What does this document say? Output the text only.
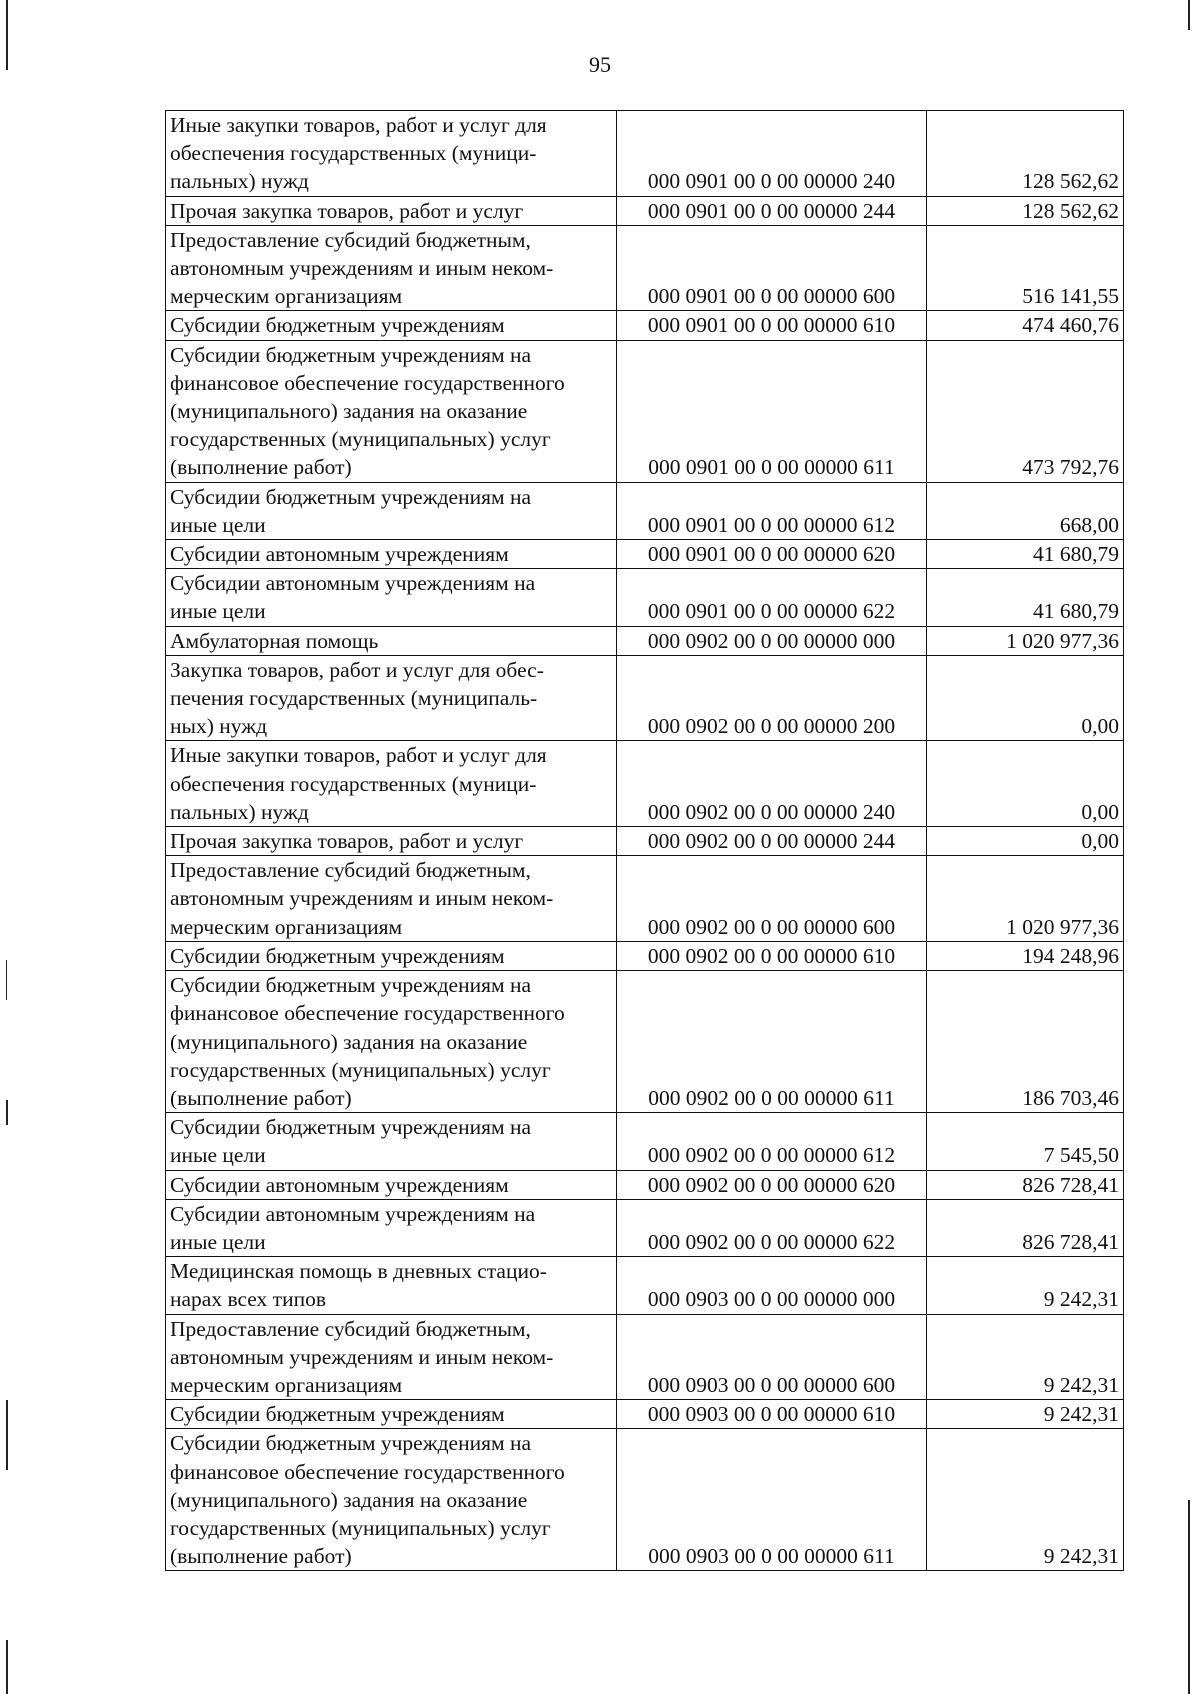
95
Иные закупки товаров, работ и услуг для
обеспечения государственных (муници-
пальных) нужд	000 0901 00 0 00 00000 240	128 562,62
Прочая закупка товаров, работ и услуг	000 0901 00 0 00 00000 244	128 562,62
Предоставление субсидий бюджетным,
автономным учреждениям и иным неком-
мерческим организациям	000 0901 00 0 00 00000 600	516 141,55
Субсидии бюджетным учреждениям	000 0901 00 0 00 00000 610	474 460,76
Субсидии бюджетным учреждениям на
финансовое обеспечение государственного
(муниципального) задания на оказание
государственных (муниципальных) услуг
(выполнение работ)	000 0901 00 0 00 00000 611	473 792,76
Субсидии бюджетным учреждениям на
иные цели	000 0901 00 0 00 00000 612	668,00
Субсидии автономным учреждениям	000 0901 00 0 00 00000 620	41 680,79
Субсидии автономным учреждениям на
иные цели	000 0901 00 0 00 00000 622	41 680,79
Амбулаторная помощь	000 0902 00 0 00 00000 000	1 020 977,36
Закупка товаров, работ и услуг для обес-
печения государственных (муниципаль-
ных) нужд	000 0902 00 0 00 00000 200	0,00
Иные закупки товаров, работ и услуг для
обеспечения государственных (муници-
пальных) нужд	000 0902 00 0 00 00000 240	0,00
Прочая закупка товаров, работ и услуг	000 0902 00 0 00 00000 244	0,00
Предоставление субсидий бюджетным,
автономным учреждениям и иным неком-
мерческим организациям	000 0902 00 0 00 00000 600	1 020 977,36
Субсидии бюджетным учреждениям	000 0902 00 0 00 00000 610	194 248,96
Субсидии бюджетным учреждениям на
финансовое обеспечение государственного
(муниципального) задания на оказание
государственных (муниципальных) услуг
(выполнение работ)	000 0902 00 0 00 00000 611	186 703,46
Субсидии бюджетным учреждениям на
иные цели	000 0902 00 0 00 00000 612	7 545,50
Субсидии автономным учреждениям	000 0902 00 0 00 00000 620	826 728,41
Субсидии автономным учреждениям на
иные цели	000 0902 00 0 00 00000 622	826 728,41
Медицинская помощь в дневных стацио-
нарах всех типов	000 0903 00 0 00 00000 000	9 242,31
Предоставление субсидий бюджетным,
автономным учреждениям и иным неком-
мерческим организациям	000 0903 00 0 00 00000 600	9 242,31
Субсидии бюджетным учреждениям	000 0903 00 0 00 00000 610	9 242,31
Субсидии бюджетным учреждениям на
финансовое обеспечение государственного
(муниципального) задания на оказание
государственных (муниципальных) услуг
(выполнение работ)	000 0903 00 0 00 00000 611	9 242,31
